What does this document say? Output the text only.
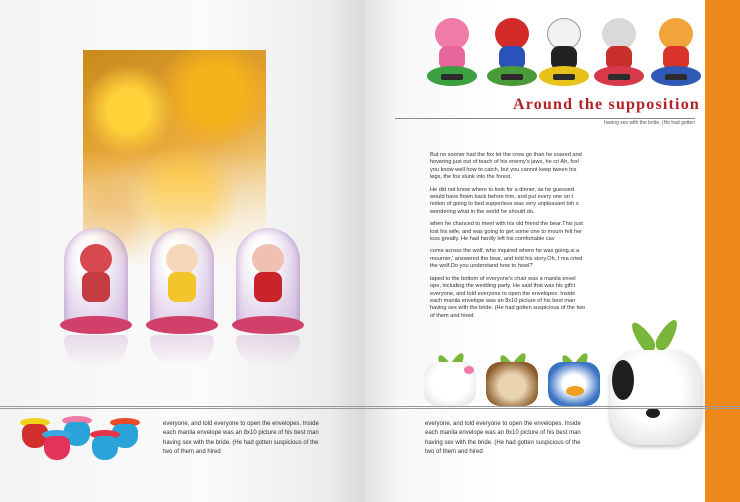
Around the supposition
having sex with the bride. (He had gotten

But no sooner had the fox let the crow go than he soared and hovering just out of teach of his enemy's jaws, he cri Ah, fox! you know well how to catch, but you cannot keep tween his legs, the fox slunk into the forest.

He did not know where to look for a dinner, as he guessed would have flown back before him, and put every one on t notion of going to bed supperless was very unpleasant toh s wondering what in the world he should do.

when he chanced to meet with his old friend the bear.This just lost his wife, and was going to get some one to mourn felt her loss greatly. He had hardly left his comfortable cav

come across the wolf, who inquired where he was going.ai a mourner,' answered the bear, and told his story.Oh, I ma cried the wolf.Do you understand how to howl?'

taped to the bottom of everyone's chair was a manila envel ope, including the wedding party. He said that was his gift:t everyone, and told everyone to open the envelopes. Inside each manila envelope was an 8x10 picture of his best man having sex with the bride. (He had gotten suspicious of the two of them and hired

everyone, and told everyone to open the envelopes. Inside each manila envelope was an 8x10 picture of his best man having sex with the bride. (He had gotten suspicious of the two of them and hired
everyone, and told everyone to open the envelopes. Inside each manila envelope was an 8x10 picture of his best man having sex with the bride. (He had gotten suspicious of the two of them and hired
